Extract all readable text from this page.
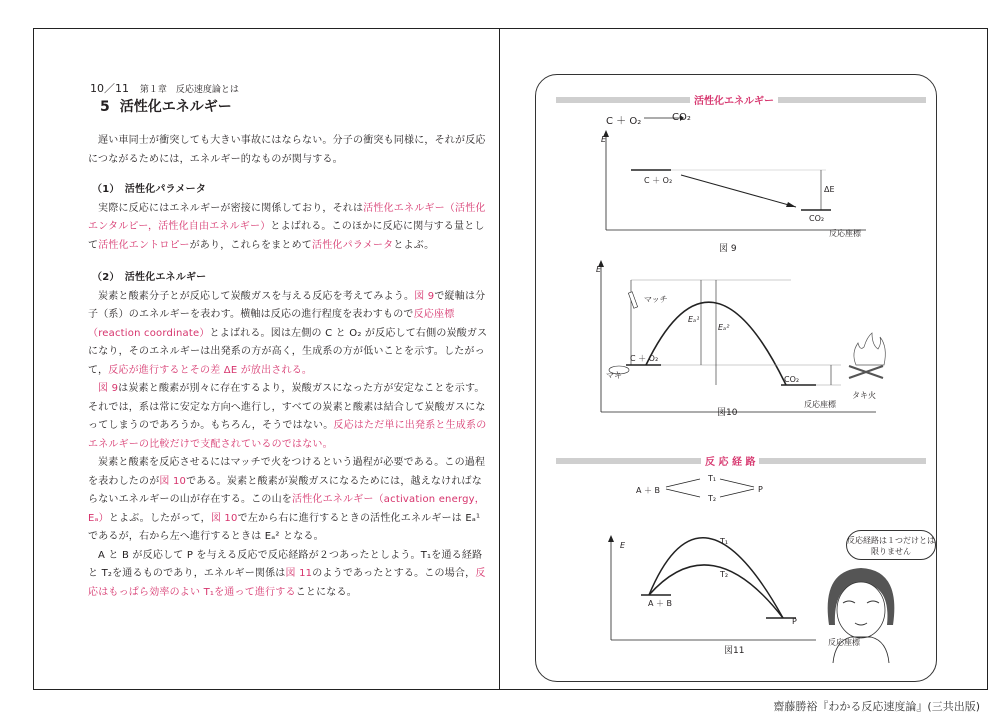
10／11 第１章　反応速度論とは
5 活性化エネルギー

遅い車同士が衝突しても大きい事故にはならない。分子の衝突も同様に，それが反応につながるためには，エネルギー的なものが関与する。

（1）　活性化パラメータ

実際に反応にはエネルギーが密接に関係しており，それは活性化エネルギー（活性化エンタルピー，活性化自由エネルギー）とよばれる。このほかに反応に関与する量として活性化エントロピーがあり，これらをまとめて活性化パラメータとよぶ。

（2）　活性化エネルギー

炭素と酸素分子とが反応して炭酸ガスを与える反応を考えてみよう。図 9で縦軸は分子（系）のエネルギーを表わす。横軸は反応の進行程度を表わすもので反応座標（reaction coordinate）とよばれる。図は左側の C と O₂ が反応して右側の炭酸ガスになり，そのエネルギーは出発系の方が高く，生成系の方が低いことを示す。したがって，反応が進行するとその差 ΔE が放出される。

図 9は炭素と酸素が別々に存在するより，炭酸ガスになった方が安定なことを示す。それでは，系は常に安定な方向へ進行し，すべての炭素と酸素は結合して炭酸ガスになってしまうのであろうか。もちろん，そうではない。反応はただ単に出発系と生成系のエネルギーの比較だけで支配されているのではない。

炭素と酸素を反応させるにはマッチで火をつけるという過程が必要である。この過程を表わしたのが図 10である。炭素と酸素が炭酸ガスになるためには，越えなければならないエネルギーの山が存在する。この山を活性化エネルギー（activation energy，Eₐ）とよぶ。したがって，図 10で左から右に進行するときの活性化エネルギーは Eₐ¹ であるが，右から左へ進行するときは Eₐ² となる。

A と B が反応して P を与える反応で反応経路が２つあったとしよう。T₁を通る経路と T₂を通るものであり，エネルギー関係は図 11のようであったとする。この場合，反応はもっぱら効率のよい T₁を通って進行することになる。

活性化エネルギー
C ＋ O₂	CO₂
E
C ＋ O₂
ΔE
CO₂
反応座標
図 9
E
マッチ
Eₐ¹
Eₐ²
C ＋ O₂
マキ	CO₂
タキ火
反応座標
図10
反 応 経 路
A ＋ B
T₁
T₂
P
反応経路は１つだけとは限りません
E	T₁
T₂
A ＋ B
P
反応座標
図11
齋藤勝裕『わかる反応速度論』(三共出版)
